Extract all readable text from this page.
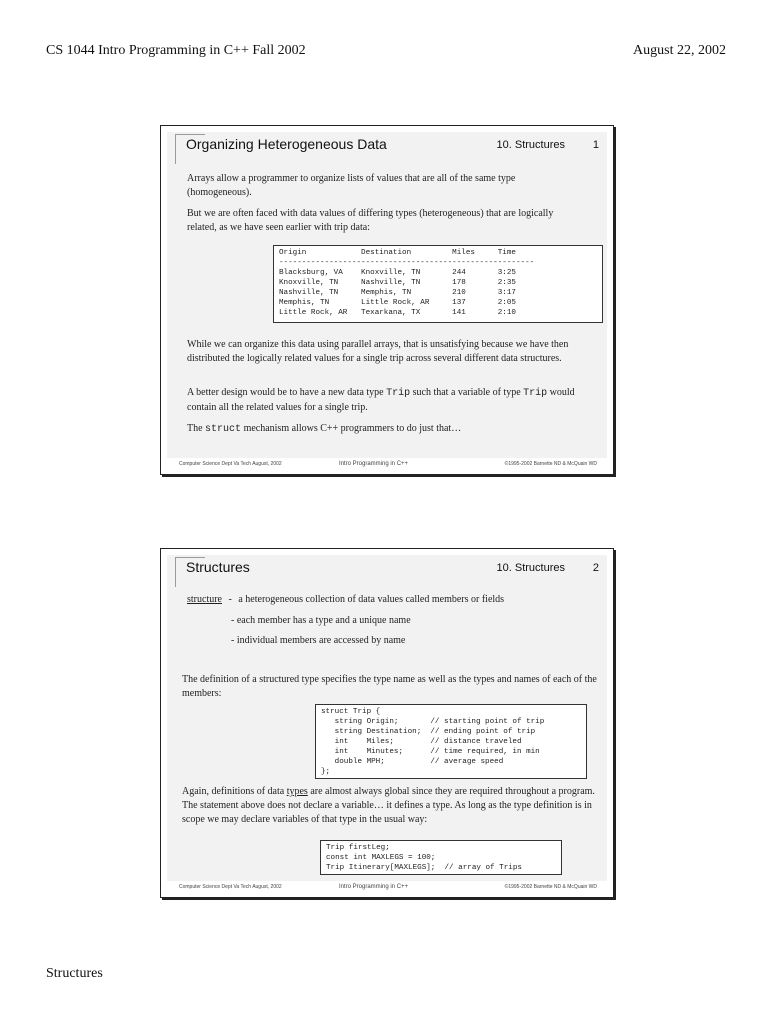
CS 1044 Intro Programming in C++ Fall 2002	August 22, 2002
Organizing Heterogeneous Data	10. Structures	1
Arrays allow a programmer to organize lists of values that are all of the same type (homogeneous).
But we are often faced with data values of differing types (heterogeneous) that are logically related, as we have seen earlier with trip data:
Origin            Destination         Miles     Time
--------------------------------------------------------
Blacksburg, VA    Knoxville, TN       244       3:25
Knoxville, TN     Nashville, TN       178       2:35
Nashville, TN     Memphis, TN         210       3:17
Memphis, TN       Little Rock, AR     137       2:05
Little Rock, AR   Texarkana, TX       141       2:10
While we can organize this data using parallel arrays, that is unsatisfying because we have then distributed the logically related values for a single trip across several different data structures.
A better design would be to have a new data type Trip such that a variable of type Trip would contain all the related values for a single trip.
The struct mechanism allows C++ programmers to do just that…
Computer Science Dept Va Tech August, 2002	Intro Programming in C++	©1995-2002 Barnette ND & McQuain WD
Structures	10. Structures	2
structure - a heterogeneous collection of data values called members or fields
- each member has a type and a unique name
- individual members are accessed by name
The definition of a structured type specifies the type name as well as the types and names of each of the members:
struct Trip {
string Origin;       // starting point of trip
string Destination;  // ending point of trip
int    Miles;        // distance traveled
int    Minutes;      // time required, in min
double MPH;          // average speed
};
Again, definitions of data types are almost always global since they are required throughout a program. The statement above does not declare a variable… it defines a type. As long as the type definition is in scope we may declare variables of that type in the usual way:
Trip firstLeg;
const int MAXLEGS = 100;
Trip Itinerary[MAXLEGS];  // array of Trips
Computer Science Dept Va Tech August, 2002	Intro Programming in C++	©1995-2002 Barnette ND & McQuain WD
Structures
